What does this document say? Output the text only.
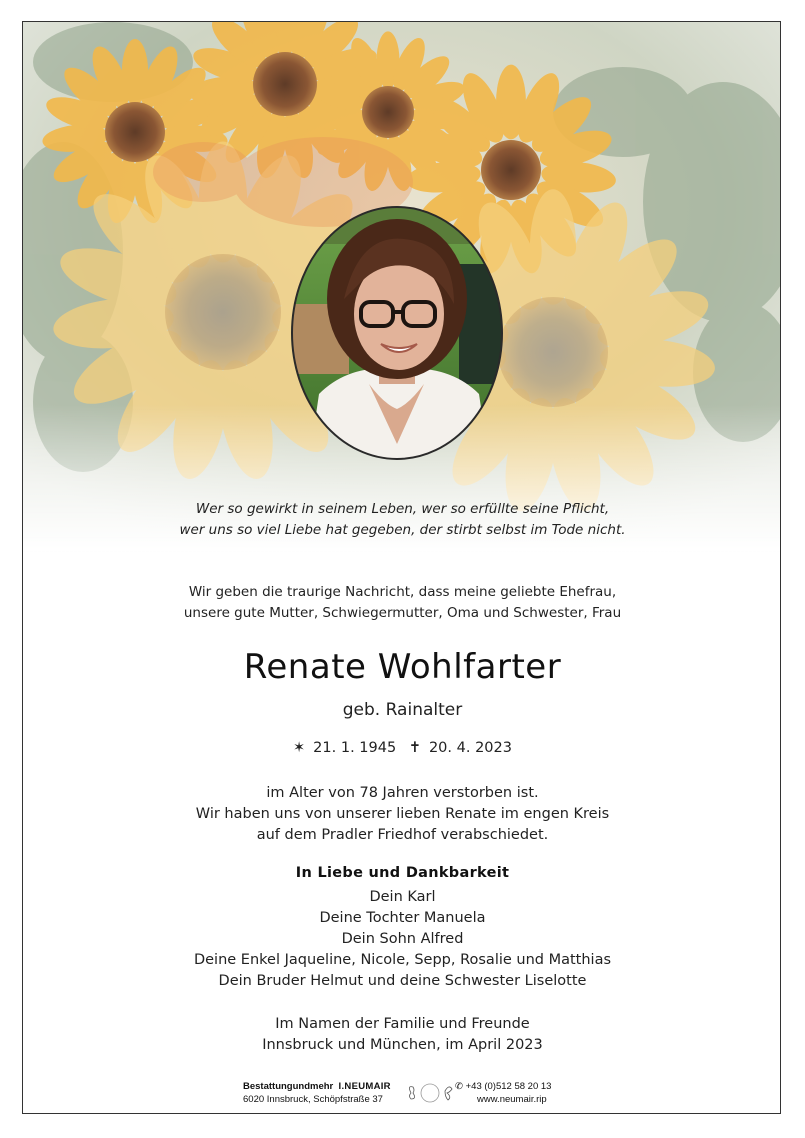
Wer so gewirkt in seinem Leben, wer so erfüllte seine Pflicht,
wer uns so viel Liebe hat gegeben, der stirbt selbst im Tode nicht.
Wir geben die traurige Nachricht, dass meine geliebte Ehefrau,
unsere gute Mutter, Schwiegermutter, Oma und Schwester, Frau
Renate Wohlfarter
geb. Rainalter
✶ 21. 1. 1945 ✝ 20. 4. 2023
im Alter von 78 Jahren verstorben ist.
Wir haben uns von unserer lieben Renate im engen Kreis
auf dem Pradler Friedhof verabschiedet.
In Liebe und Dankbarkeit
Dein Karl
Deine Tochter Manuela
Dein Sohn Alfred
Deine Enkel Jaqueline, Nicole, Sepp, Rosalie und Matthias
Dein Bruder Helmut und deine Schwester Liselotte
Im Namen der Familie und Freunde
Innsbruck und München, im April 2023
Bestattungundmehr I.NEUMAIR
6020 Innsbruck, Schöpfstraße 37
✆ +43 (0)512 58 20 13

www.neumair.rip
